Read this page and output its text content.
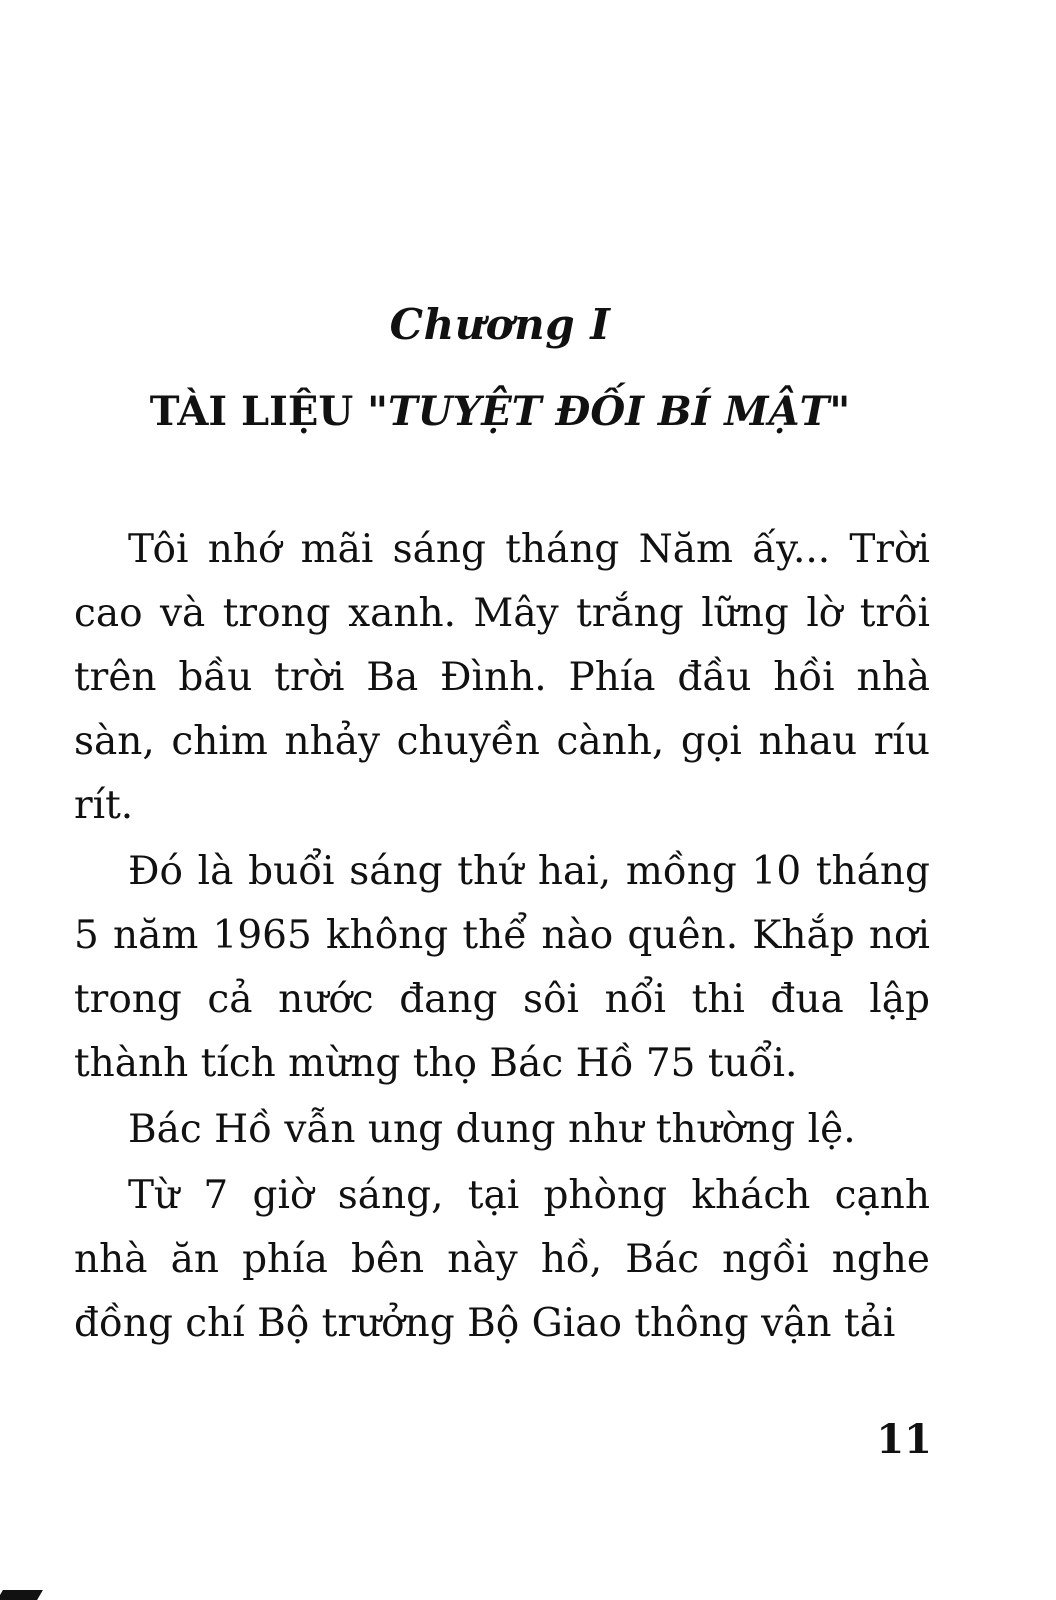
Chương I
TÀI LIỆU "TUYỆT ĐỐI BÍ MẬT"

Tôi nhớ mãi sáng tháng Năm ấy... Trời cao và trong xanh. Mây trắng lững lờ trôi trên bầu trời Ba Đình. Phía đầu hồi nhà sàn, chim nhảy chuyền cành, gọi nhau ríu rít.

Đó là buổi sáng thứ hai, mồng 10 tháng 5 năm 1965 không thể nào quên. Khắp nơi trong cả nước đang sôi nổi thi đua lập thành tích mừng thọ Bác Hồ 75 tuổi.

Bác Hồ vẫn ung dung như thường lệ.

Từ 7 giờ sáng, tại phòng khách cạnh nhà ăn phía bên này hồ, Bác ngồi nghe đồng chí Bộ trưởng Bộ Giao thông vận tải

11
